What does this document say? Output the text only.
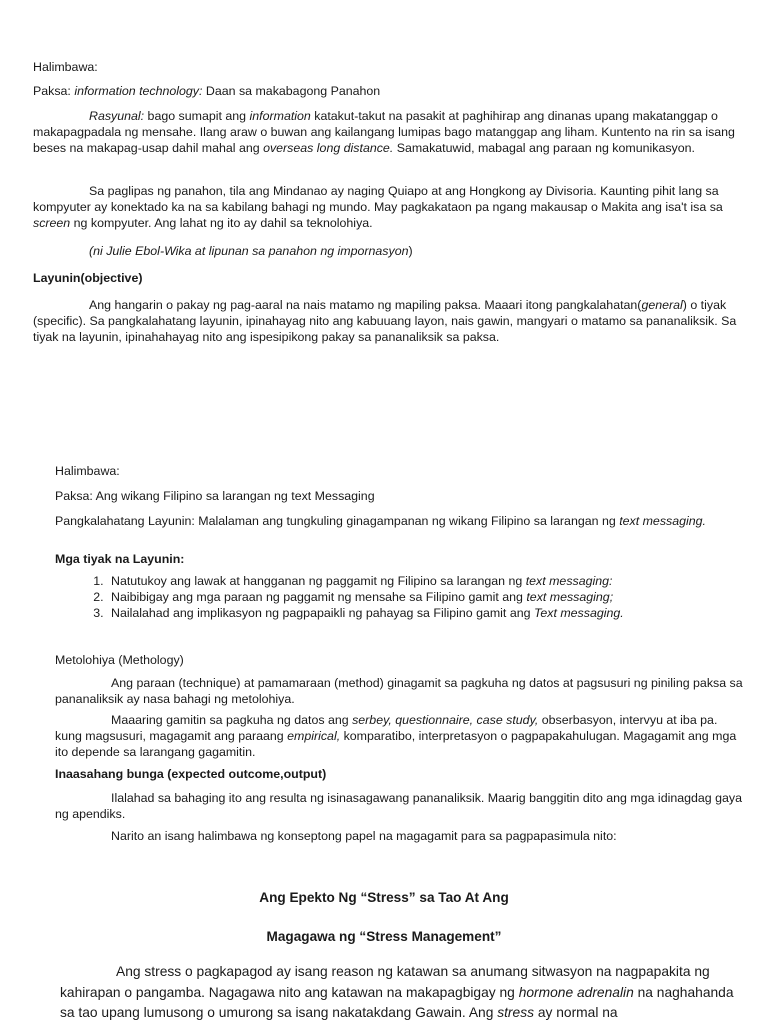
Halimbawa:
Paksa: information technology: Daan sa makabagong Panahon
Rasyunal: bago sumapit ang information katakut-takut na pasakit at paghihirap ang dinanas upang makatanggap o makapagpadala ng mensahe. Ilang araw o buwan ang kailangang lumipas bago matanggap ang liham. Kuntento na rin sa isang beses na makapag-usap dahil mahal ang overseas long distance. Samakatuwid, mabagal ang paraan ng komunikasyon.
Sa paglipas ng panahon, tila ang Mindanao ay naging Quiapo at ang Hongkong ay Divisoria. Kaunting pihit lang sa kompyuter ay konektado ka na sa kabilang bahagi ng mundo. May pagkakataon pa ngang makausap o Makita ang isa't isa sa screen ng kompyuter. Ang lahat ng ito ay dahil sa teknolohiya.
(ni Julie Ebol-Wika at lipunan sa panahon ng impornasyon)
Layunin(objective)
Ang hangarin o pakay ng pag-aaral na nais matamo ng mapiling paksa. Maaari itong pangkalahatan(general) o tiyak (specific). Sa pangkalahatang layunin, ipinahayag nito ang kabuuang layon, nais gawin, mangyari o matamo sa pananaliksik. Sa tiyak na layunin, ipinahahayag nito ang ispesipikong pakay sa pananaliksik sa paksa.
Halimbawa:
Paksa: Ang wikang Filipino sa larangan ng text Messaging
Pangkalahatang Layunin: Malalaman ang tungkuling ginagampanan ng wikang Filipino sa larangan ng text messaging.
Mga tiyak na Layunin:
1. Natutukoy ang lawak at hangganan ng paggamit ng Filipino sa larangan ng text messaging:
2. Naibibigay ang mga paraan ng paggamit ng mensahe sa Filipino gamit ang text messaging;
3. Nailalahad ang implikasyon ng pagpapaikli ng pahayag sa Filipino gamit ang Text messaging.
Metolohiya (Methology)
Ang paraan (technique) at pamamaraan (method) ginagamit sa pagkuha ng datos at pagsusuri ng piniling paksa sa pananaliksik ay nasa bahagi ng metolohiya.
Maaaring gamitin sa pagkuha ng datos ang serbey, questionnaire, case study, obserbasyon, intervyu at iba pa. kung magsusuri, magagamit ang paraang empirical, komparatibo, interpretasyon o pagpapakahulugan. Magagamit ang mga ito depende sa larangang gagamitin.
Inaasahang bunga (expected outcome,output)
Ilalahad sa bahaging ito ang resulta ng isinasagawang pananaliksik. Maarig banggitin dito ang mga idinagdag gaya ng apendiks.
Narito an isang halimbawa ng konseptong papel na magagamit para sa pagpapasimula nito:
Ang Epekto Ng “Stress” sa Tao At Ang
Magagawa ng “Stress Management”
Ang stress o pagkapagod ay isang reason ng katawan sa anumang sitwasyon na nagpapakita ng kahirapan o pangamba. Nagagawa nito ang katawan na makapagbigay ng hormone adrenalin na naghahanda sa tao upang lumusong o umurong sa isang nakatakdang Gawain. Ang stress ay normal na
